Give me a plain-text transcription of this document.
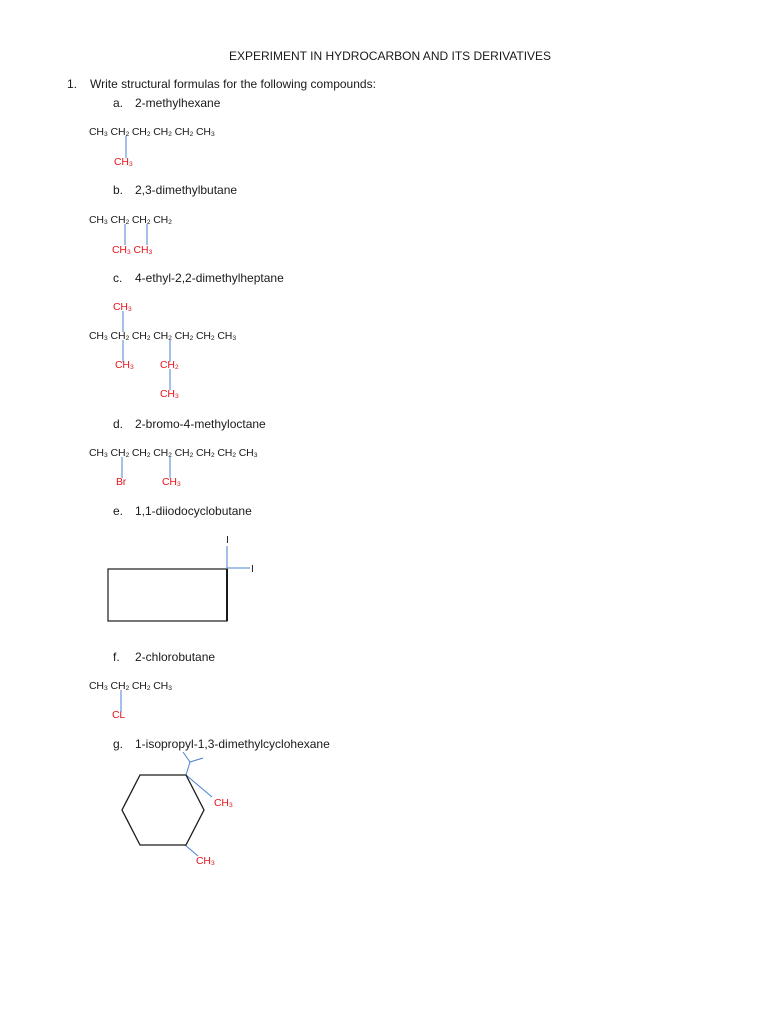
EXPERIMENT IN HYDROCARBON AND ITS DERIVATIVES
1. Write structural formulas for the following compounds:
a. 2-methylhexane
CH₃ CH₂ CH₂ CH₂ CH₂ CH₃
CH₃
b. 2,3-dimethylbutane
CH₃ CH₂ CH₂ CH₂
CH₃ CH₃
c. 4-ethyl-2,2-dimethylheptane
CH₃
CH₃ CH₂ CH₂ CH₂ CH₂ CH₂ CH₃
CH₃ CH₂
CH₃
d. 2-bromo-4-methyloctane
CH₃ CH₂ CH₂ CH₂ CH₂ CH₂ CH₂ CH₃
Br	CH₃
e. 1,1-diiodocyclobutane
I
I
f. 2-chlorobutane
CH₃ CH₂ CH₂ CH₃
CL
g. 1-isopropyl-1,3-dimethylcyclohexane
CH₃
CH₃
